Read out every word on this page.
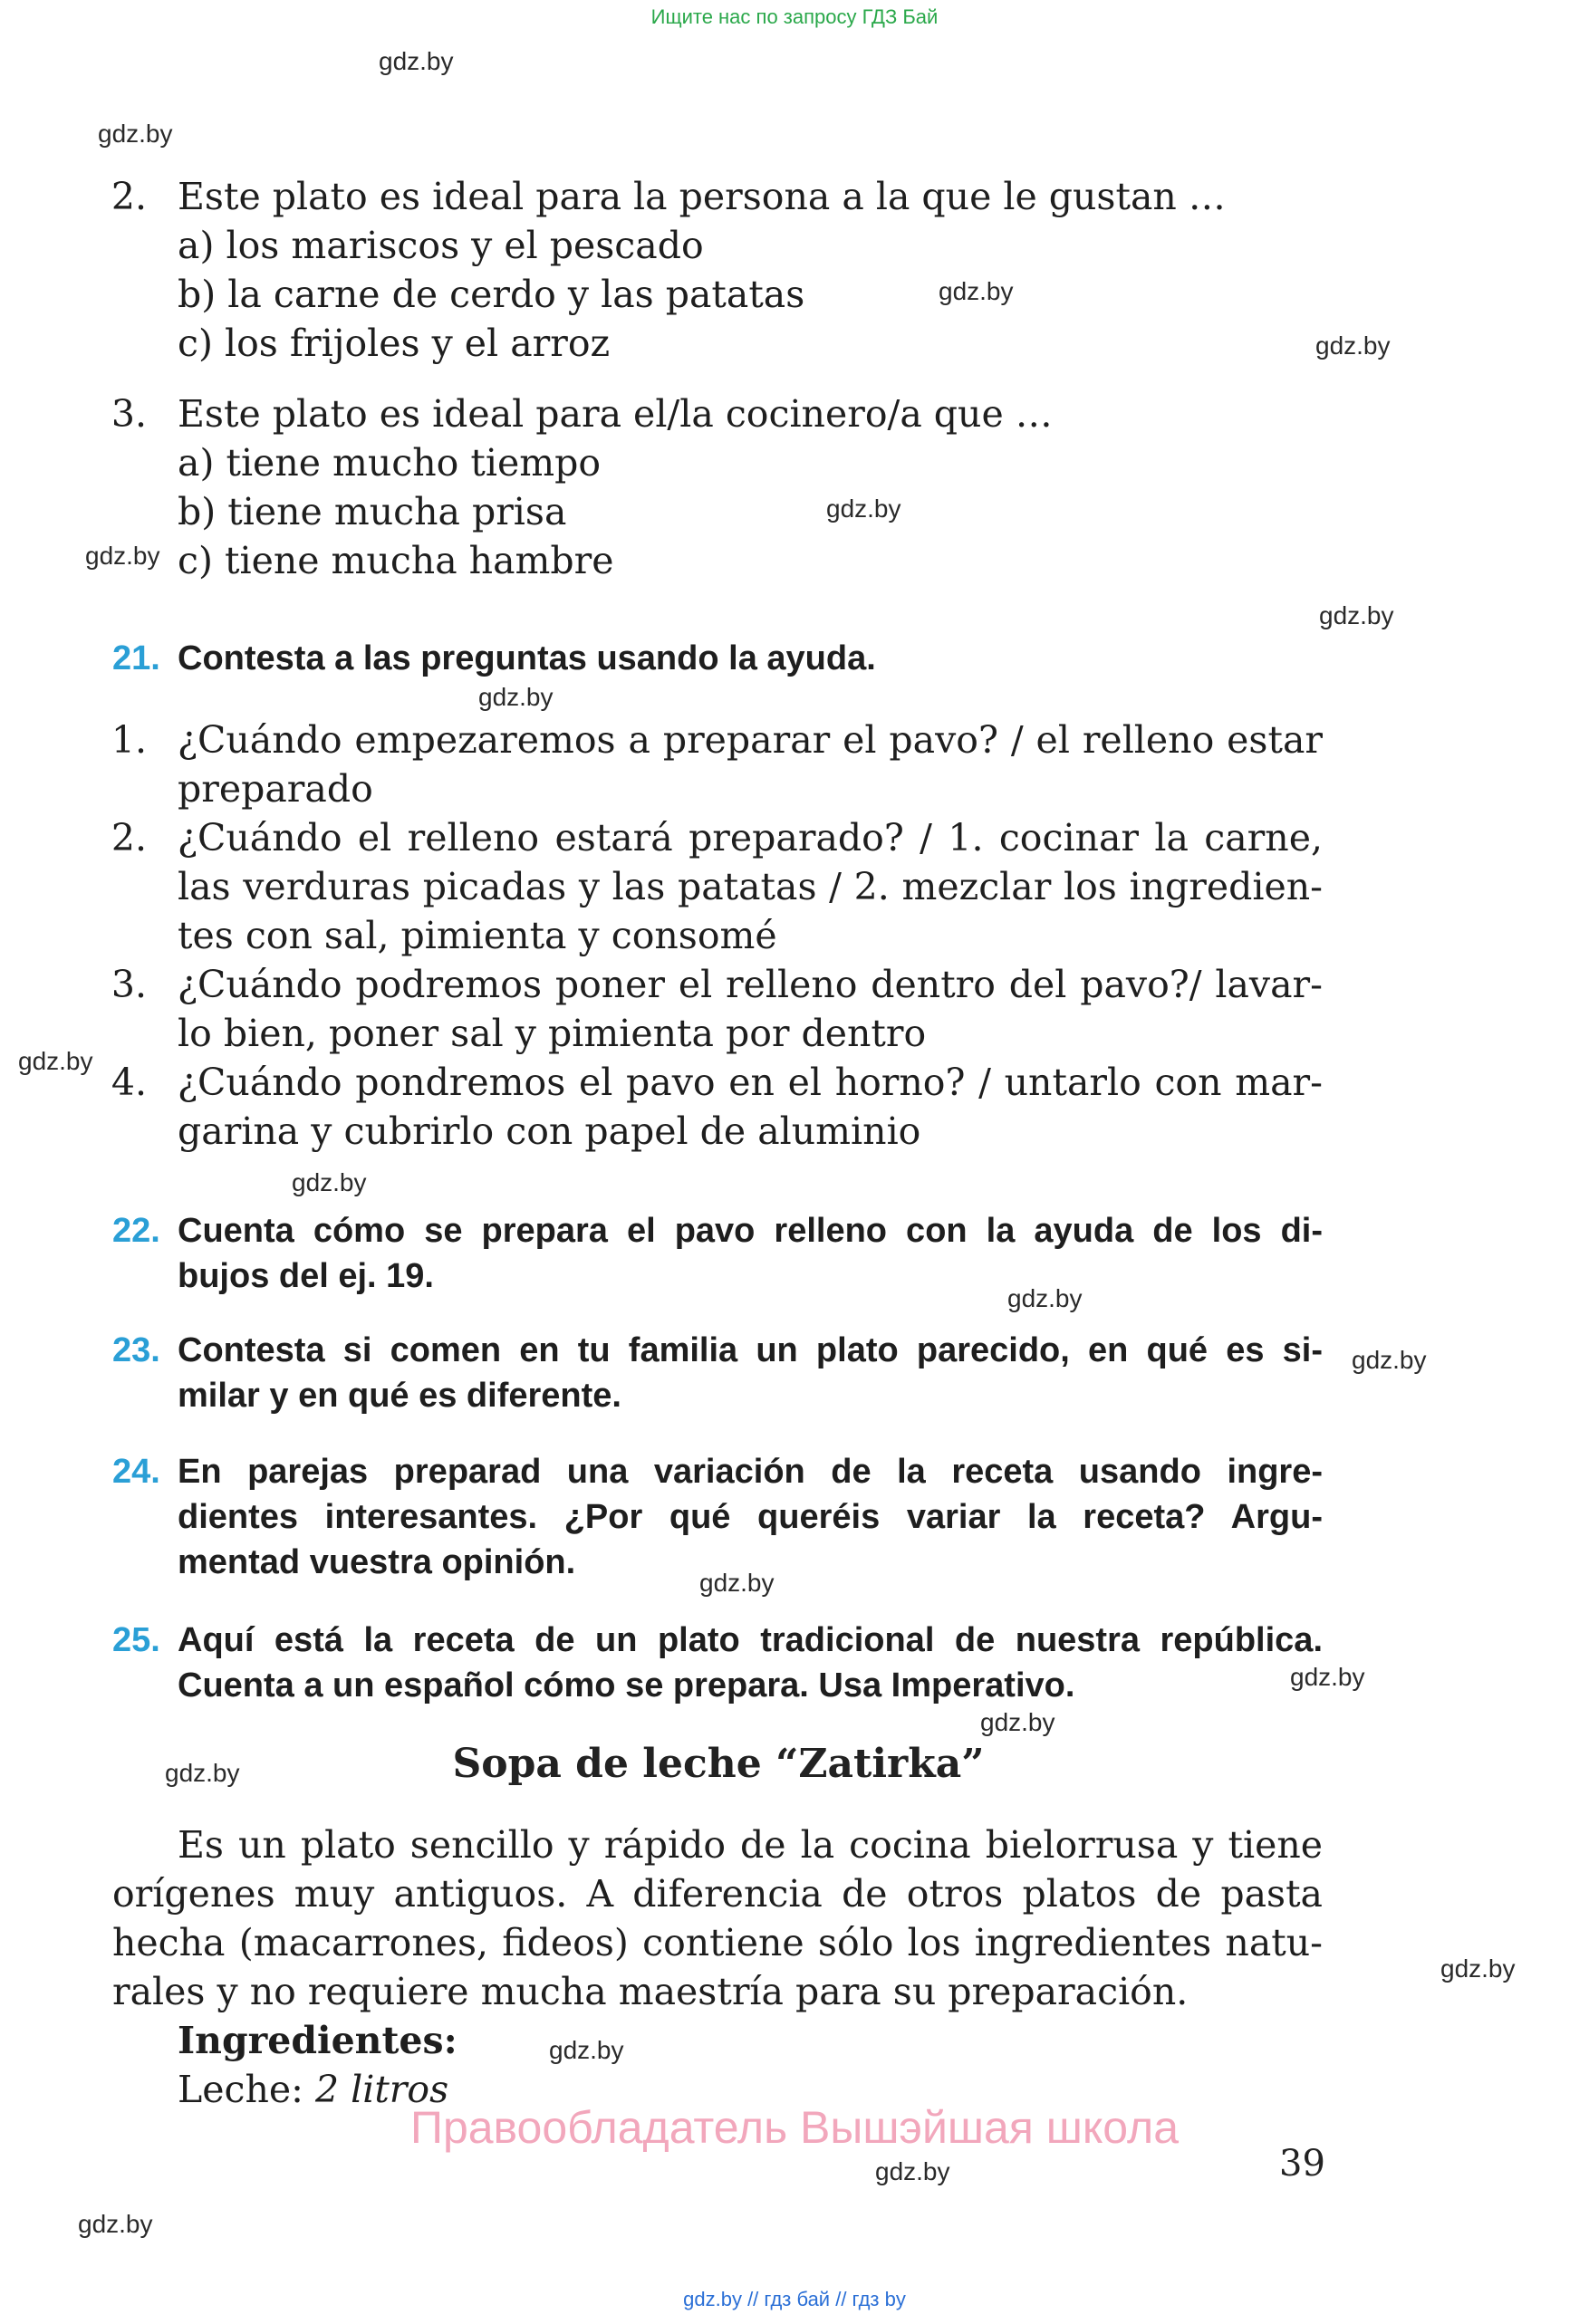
Ищите нас по запросу ГДЗ Бай
gdz.by
gdz.by
gdz.by
gdz.by
gdz.by
gdz.by
gdz.by
gdz.by
gdz.by
gdz.by
gdz.by
gdz.by
gdz.by
gdz.by
gdz.by
gdz.by
gdz.by
gdz.by
gdz.by
gdz.by
2. Este plato es ideal para la persona a la que le gustan …
a) los mariscos y el pescado
b) la carne de cerdo y las patatas
c) los frijoles y el arroz
3. Este plato es ideal para el/la cocinero/a que …
a) tiene mucho tiempo
b) tiene mucha prisa
c) tiene mucha hambre
21. Contesta a las preguntas usando la ayuda.
1. ¿Cuándo empezaremos a preparar el pavo? / el relleno estar
preparado
2. ¿Cuándo el relleno estará preparado? / 1. cocinar la carne,
las verduras picadas y las patatas / 2. mezclar los ingredien-
tes con sal, pimienta y consomé
3. ¿Cuándo podremos poner el relleno dentro del pavo?/ lavar-
lo bien, poner sal y pimienta por dentro
4. ¿Cuándo pondremos el pavo en el horno? / untarlo con mar-
garina y cubrirlo con papel de aluminio
22. Cuenta cómo se prepara el pavo relleno con la ayuda de los di-
bujos del ej. 19.
23. Contesta si comen en tu familia un plato parecido, en qué es si-
milar y en qué es diferente.
24. En parejas preparad una variación de la receta usando ingre-
dientes interesantes. ¿Por qué queréis variar la receta? Argu-
mentad vuestra opinión.
25. Aquí está la receta de un plato tradicional de nuestra república.
Cuenta a un español cómo se prepara. Usa Imperativo.
Sopa de leche “Zatirka”
Es un plato sencillo y rápido de la cocina bielorrusa y tiene
orígenes muy antiguos. A diferencia de otros platos de pasta
hecha (macarrones, fideos) contiene sólo los ingredientes natu-
rales y no requiere mucha maestría para su preparación.
Ingredientes:
Leche: 2 litros
Правообладатель Вышэйшая школа
39
gdz.by // гдз бай // гдз by
